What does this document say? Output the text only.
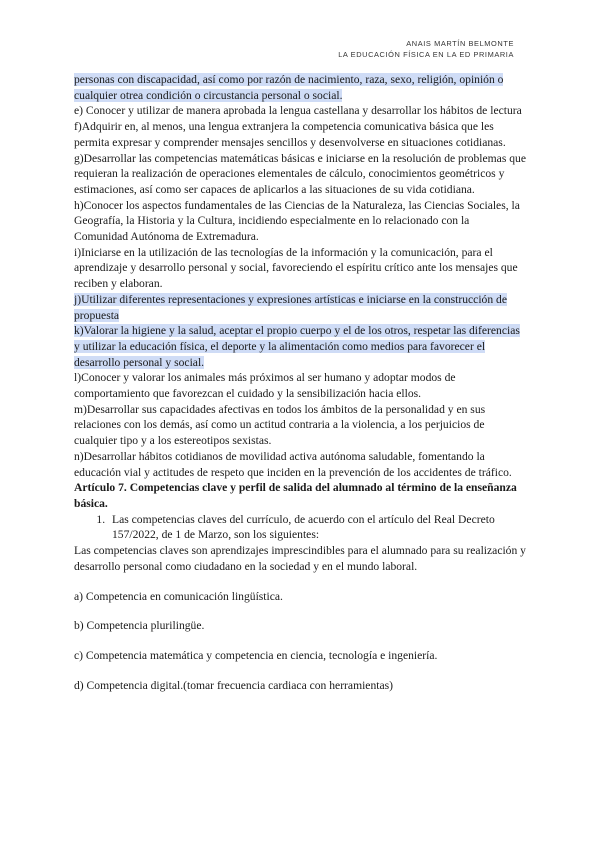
ANAIS MARTÍN BELMONTE
LA EDUCACIÓN FÍSICA EN LA ED PRIMARIA

personas con discapacidad, así como por razón de nacimiento, raza, sexo, religión, opinión o cualquier otrea condición o circustancia personal o social.

e) Conocer y utilizar de manera aprobada la lengua castellana y desarrollar los hábitos de lectura

f)Adquirir en, al menos, una lengua extranjera la competencia comunicativa básica que les permita expresar y comprender mensajes sencillos y desenvolverse en situaciones cotidianas.

g)Desarrollar las competencias matemáticas básicas e iniciarse en la resolución de problemas que requieran la realización de operaciones elementales de cálculo, conocimientos geométricos y estimaciones, así como ser capaces de aplicarlos a las situaciones de su vida cotidiana.

h)Conocer los aspectos fundamentales de las Ciencias de la Naturaleza, las Ciencias Sociales, la Geografía, la Historia y la Cultura, incidiendo especialmente en lo relacionado con la Comunidad Autónoma de Extremadura.

i)Iniciarse en la utilización de las tecnologías de la información y la comunicación, para el aprendizaje y desarrollo personal y social, favoreciendo el espíritu crítico ante los mensajes que reciben y elaboran.

j)Utilizar diferentes representaciones y expresiones artísticas e iniciarse en la construcción de propuesta

k)Valorar la higiene y la salud, aceptar el propio cuerpo y el de los otros, respetar las diferencias y utilizar la educación física, el deporte y la alimentación como medios para favorecer el desarrollo personal y social.

l)Conocer y valorar los animales más próximos al ser humano y adoptar modos de comportamiento que favorezcan el cuidado y la sensibilización hacia ellos.

m)Desarrollar sus capacidades afectivas en todos los ámbitos de la personalidad y en sus relaciones con los demás, así como un actitud contraria a la violencia, a los perjuicios de cualquier tipo y a los estereotipos sexistas.

n)Desarrollar hábitos cotidianos de movilidad activa autónoma saludable, fomentando la educación vial y actitudes de respeto que inciden en la prevención de los accidentes de tráfico.

Artículo 7. Competencias clave y perfil de salida del alumnado al término de la enseñanza básica.

1. Las competencias claves del currículo, de acuerdo con el artículo del Real Decreto 157/2022, de 1 de Marzo, son los siguientes:

Las competencias claves son aprendizajes imprescindibles para el alumnado para su realización y desarrollo personal como ciudadano en la sociedad y en el mundo laboral.

a) Competencia en comunicación lingüística.

b) Competencia plurilingüe.

c) Competencia matemática y competencia en ciencia, tecnología e ingeniería.

d) Competencia digital.(tomar frecuencia cardiaca con herramientas)
